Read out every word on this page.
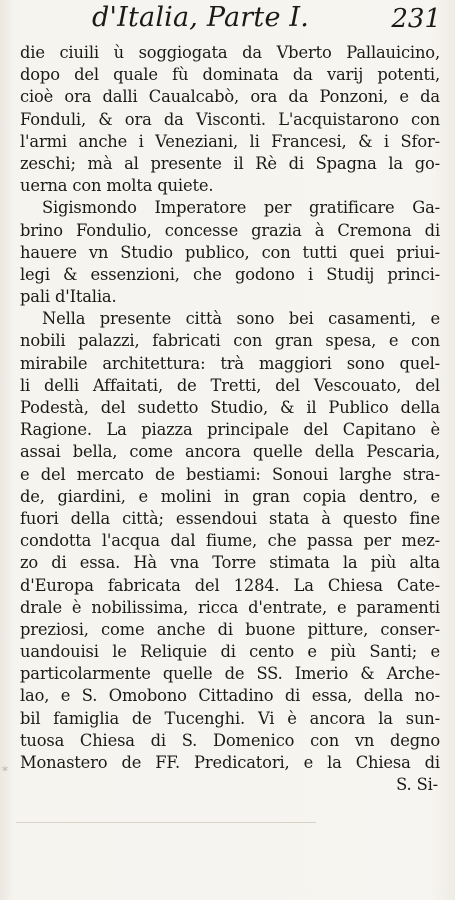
d'Italia, Parte I.	231
die ciuili ù soggiogata da Vberto Pallauicino,
dopo del quale fù dominata da varij potenti,
cioè ora dalli Caualcabò, ora da Ponzoni, e da
Fonduli, & ora da Visconti. L'acquistarono con
l'armi anche i Veneziani, li Francesi, & i Sfor-
zeschi; mà al presente il Rè di Spagna la go-
uerna con molta quiete.
Sigismondo Imperatore per gratificare Ga-
brino Fondulio, concesse grazia à Cremona di
hauere vn Studio publico, con tutti quei priui-
legi & essenzioni, che godono i Studij princi-
pali d'Italia.
Nella presente città sono bei casamenti, e
nobili palazzi, fabricati con gran spesa, e con
mirabile architettura: trà maggiori sono quel-
li delli Affaitati, de Tretti, del Vescouato, del
Podestà, del sudetto Studio, & il Publico della
Ragione. La piazza principale del Capitano è
assai bella, come ancora quelle della Pescaria,
e del mercato de bestiami: Sonoui larghe stra-
de, giardini, e molini in gran copia dentro, e
fuori della città; essendoui stata à questo fine
condotta l'acqua dal fiume, che passa per mez-
zo di essa. Hà vna Torre stimata la più alta
d'Europa fabricata del 1284. La Chiesa Cate-
drale è nobilissima, ricca d'entrate, e paramenti
preziosi, come anche di buone pitture, conser-
uandouisi le Reliquie di cento e più Santi; e
particolarmente quelle de SS. Imerio & Arche-
lao, e S. Omobono Cittadino di essa, della no-
bil famiglia de Tucenghi. Vi è ancora la sun-
tuosa Chiesa di S. Domenico con vn degno
Monastero de FF. Predicatori, e la Chiesa di
S. Si-
⁎
